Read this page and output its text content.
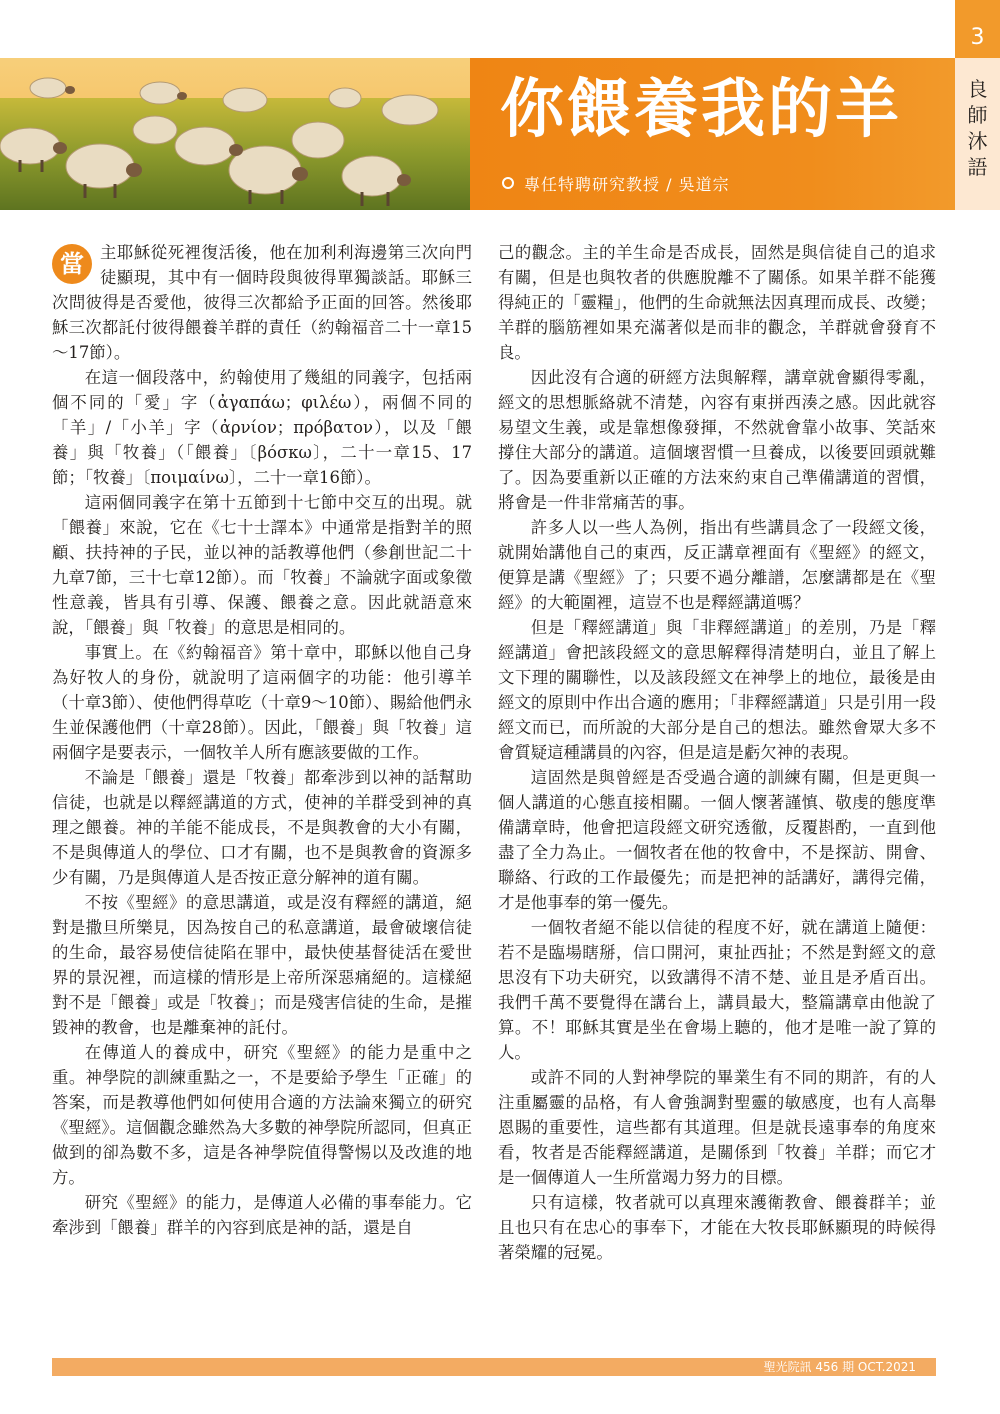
你餵養我的羊
專任特聘研究教授 / 吳道宗
3
良師沐語

當 主耶穌從死裡復活後，他在加利利海邊第三次向門徒顯現，其中有一個時段與彼得單獨談話。耶穌三次問彼得是否愛他，彼得三次都給予正面的回答。然後耶穌三次都託付彼得餵養羊群的責任（約翰福音二十一章15～17節）。

在這一個段落中，約翰使用了幾組的同義字，包括兩個不同的「愛」字（ἀγαπάω；φιλέω），兩個不同的「羊」/「小羊」字（ἀρνίον；πρόβατον），以及「餵養」與「牧養」（「餵養」〔βόσκω〕，二十一章15、17節；「牧養」〔ποιμαίνω〕，二十一章16節）。

這兩個同義字在第十五節到十七節中交互的出現。就「餵養」來說，它在《七十士譯本》中通常是指對羊的照顧、扶持神的子民，並以神的話教導他們（參創世記二十九章7節，三十七章12節）。而「牧養」不論就字面或象徵性意義，皆具有引導、保護、餵養之意。因此就語意來說，「餵養」與「牧養」的意思是相同的。

事實上。在《約翰福音》第十章中，耶穌以他自己身為好牧人的身份，就說明了這兩個字的功能：他引導羊（十章3節）、使他們得草吃（十章9～10節）、賜給他們永生並保護他們（十章28節）。因此，「餵養」與「牧養」這兩個字是要表示，一個牧羊人所有應該要做的工作。

不論是「餵養」還是「牧養」都牽涉到以神的話幫助信徒，也就是以釋經講道的方式，使神的羊群受到神的真理之餵養。神的羊能不能成長，不是與教會的大小有關，不是與傳道人的學位、口才有關，也不是與教會的資源多少有關，乃是與傳道人是否按正意分解神的道有關。

不按《聖經》的意思講道，或是沒有釋經的講道，絕對是撒旦所樂見，因為按自己的私意講道，最會破壞信徒的生命，最容易使信徒陷在罪中，最快使基督徒活在愛世界的景況裡，而這樣的情形是上帝所深惡痛絕的。這樣絕對不是「餵養」或是「牧養」；而是殘害信徒的生命，是摧毀神的教會，也是離棄神的託付。

在傳道人的養成中，研究《聖經》的能力是重中之重。神學院的訓練重點之一，不是要給予學生「正確」的答案，而是教導他們如何使用合適的方法論來獨立的研究《聖經》。這個觀念雖然為大多數的神學院所認同，但真正做到的卻為數不多，這是各神學院值得警惕以及改進的地方。

研究《聖經》的能力，是傳道人必備的事奉能力。它牽涉到「餵養」群羊的內容到底是神的話，還是自

己的觀念。主的羊生命是否成長，固然是與信徒自己的追求有關，但是也與牧者的供應脫離不了關係。如果羊群不能獲得純正的「靈糧」，他們的生命就無法因真理而成長、改變；羊群的腦筋裡如果充滿著似是而非的觀念，羊群就會發育不良。

因此沒有合適的研經方法與解釋，講章就會顯得零亂，經文的思想脈絡就不清楚，內容有東拼西湊之感。因此就容易望文生義，或是靠想像發揮，不然就會靠小故事、笑話來撐住大部分的講道。這個壞習慣一旦養成，以後要回頭就難了。因為要重新以正確的方法來約束自己準備講道的習慣，將會是一件非常痛苦的事。

許多人以一些人為例，指出有些講員念了一段經文後，就開始講他自己的東西，反正講章裡面有《聖經》的經文，便算是講《聖經》了；只要不過分離譜，怎麼講都是在《聖經》的大範圍裡，這豈不也是釋經講道嗎？

但是「釋經講道」與「非釋經講道」的差別，乃是「釋經講道」會把該段經文的意思解釋得清楚明白，並且了解上文下理的關聯性，以及該段經文在神學上的地位，最後是由經文的原則中作出合適的應用；「非釋經講道」只是引用一段經文而已，而所說的大部分是自己的想法。雖然會眾大多不會質疑這種講員的內容，但是這是虧欠神的表現。

這固然是與曾經是否受過合適的訓練有關，但是更與一個人講道的心態直接相關。一個人懷著謹慎、敬虔的態度準備講章時，他會把這段經文研究透徹，反覆斟酌，一直到他盡了全力為止。一個牧者在他的牧會中，不是探訪、開會、聯絡、行政的工作最優先；而是把神的話講好，講得完備，才是他事奉的第一優先。

一個牧者絕不能以信徒的程度不好，就在講道上隨便：若不是臨場瞎掰，信口開河，東扯西扯；不然是對經文的意思沒有下功夫研究，以致講得不清不楚、並且是矛盾百出。我們千萬不要覺得在講台上，講員最大，整篇講章由他說了算。不！耶穌其實是坐在會場上聽的，他才是唯一說了算的人。

或許不同的人對神學院的畢業生有不同的期許，有的人注重屬靈的品格，有人會強調對聖靈的敏感度，也有人高舉恩賜的重要性，這些都有其道理。但是就長遠事奉的角度來看，牧者是否能釋經講道，是關係到「牧養」羊群；而它才是一個傳道人一生所當竭力努力的目標。

只有這樣，牧者就可以真理來護衛教會、餵養群羊；並且也只有在忠心的事奉下，才能在大牧長耶穌顯現的時候得著榮耀的冠冕。

聖光院訊 456 期 OCT.2021
